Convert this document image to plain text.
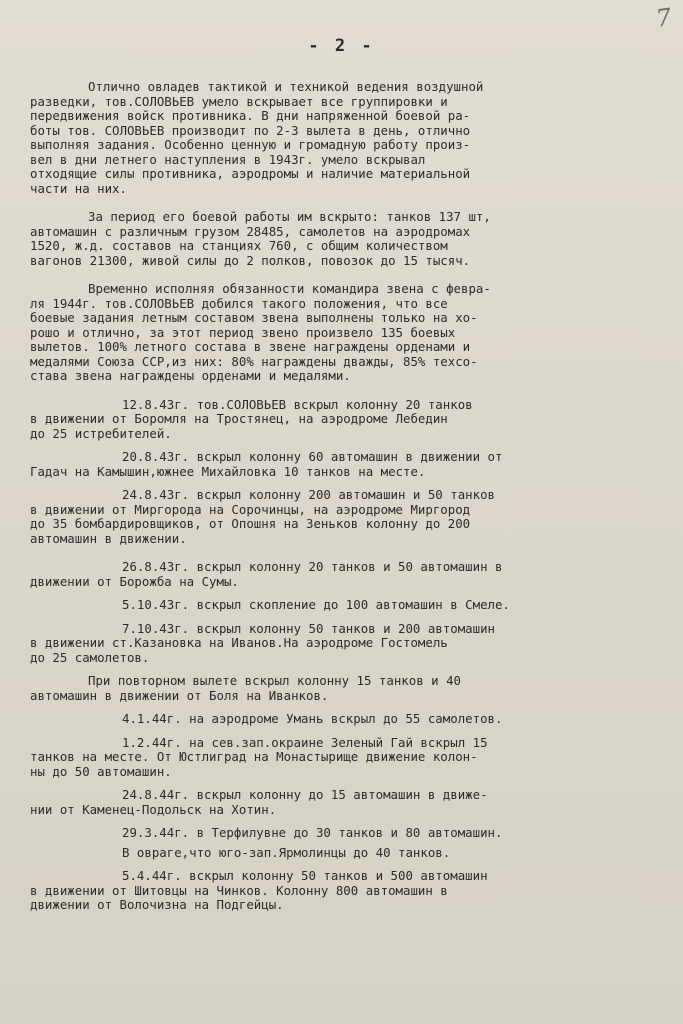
7
- 2 -
Отлично овладев тактикой и техникой ведения воздушной
разведки, тов.СОЛОВЬЕВ умело вскрывает все группировки и
передвижения войск противника. В дни напряженной боевой ра-
боты тов. СОЛОВЬЕВ производит по 2-3 вылета в день, отлично
выполняя задания. Особенно ценную и громадную работу произ-
вел в дни летнего наступления в 1943г. умело вскрывал
отходящие силы противника, аэродромы и наличие материальной
части на них.
За период его боевой работы им вскрыто: танков 137 шт,
автомашин с различным грузом 28485, самолетов на аэродромах
1520, ж.д. составов на станциях 760, с общим количеством
вагонов 21300, живой силы до 2 полков, повозок до 15 тысяч.
Временно исполняя обязанности командира звена с февра-
ля 1944г. тов.СОЛОВЬЕВ добился такого положения, что все
боевые задания летным составом звена выполнены только на хо-
рошо и отлично, за этот период звено произвело 135 боевых
вылетов. 100% летного состава в звене награждены орденами и
медалями Союза ССР,из них: 80% награждены дважды, 85% техсо-
става звена награждены орденами и медалями.
12.8.43г. тов.СОЛОВЬЕВ вскрыл колонну 20 танков
в движении от Боромля на Тростянец, на аэродроме Лебедин
до 25 истребителей.
20.8.43г. вскрыл колонну 60 автомашин в движении от
Гадач на Камышин,южнее Михайловка 10 танков на месте.
24.8.43г. вскрыл колонну 200 автомашин и 50 танков
в движении от Миргорода на Сорочинцы, на аэродроме Миргород
до 35 бомбардировщиков, от Опошня на Зеньков колонну до 200
автомашин в движении.
26.8.43г. вскрыл колонну 20 танков и 50 автомашин в
движении от Борожба на Сумы.
5.10.43г. вскрыл скопление до 100 автомашин в Смеле.
7.10.43г. вскрыл колонну 50 танков и 200 автомашин
в движении ст.Казановка на Иванов.На аэродроме Гостомель
до 25 самолетов.
При повторном вылете вскрыл колонну 15 танков и 40
автомашин в движении от Боля на Иванков.
4.1.44г. на аэродроме Умань вскрыл до 55 самолетов.
1.2.44г. на сев.зап.окраине Зеленый Гай вскрыл 15
танков на месте. От Юстлиград на Монастырище движение колон-
ны до 50 автомашин.
24.8.44г. вскрыл колонну до 15 автомашин в движе-
нии от Каменец-Подольск на Хотин.
29.3.44г. в Терфилувне до 30 танков и 80 автомашин.
В овраге,что юго-зап.Ярмолинцы до 40 танков.
5.4.44г. вскрыл колонну 50 танков и 500 автомашин
в движении от Шитовцы на Чинков. Колонну 800 автомашин в
движении от Волочизна на Подгейцы.
